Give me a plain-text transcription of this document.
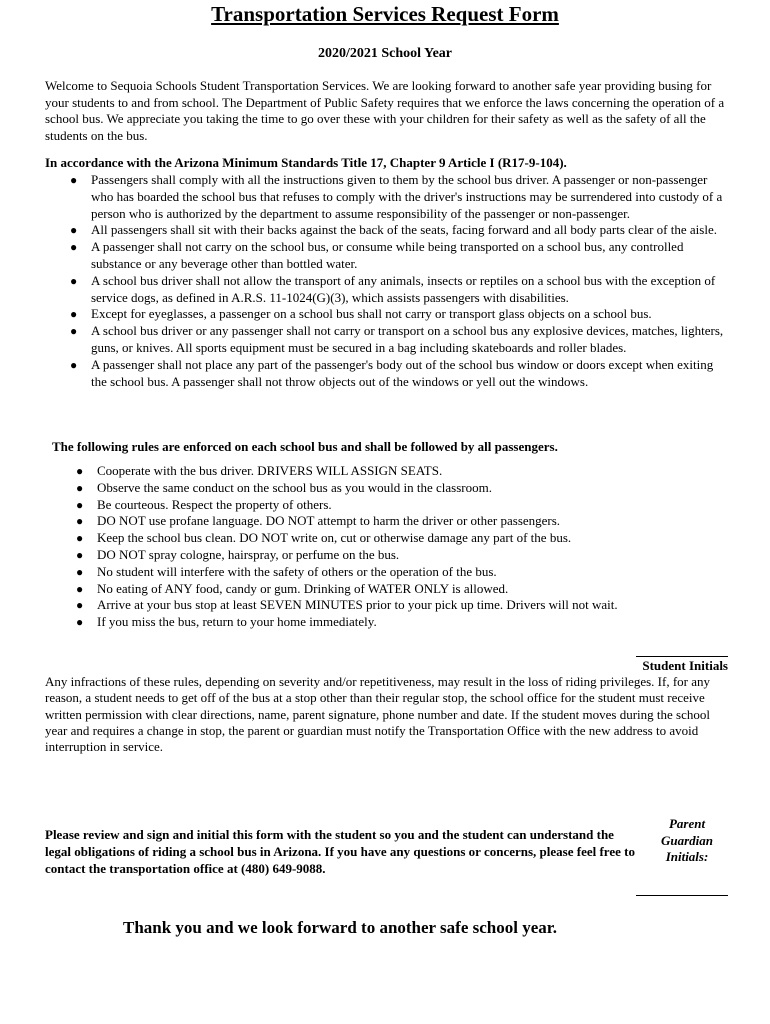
Transportation Services Request Form
2020/2021 School Year
Welcome to Sequoia Schools Student Transportation Services. We are looking forward to another safe year providing busing for your students to and from school. The Department of Public Safety requires that we enforce the laws concerning the operation of a school bus. We appreciate you taking the time to go over these with your children for their safety as well as the safety of all the students on the bus.
In accordance with the Arizona Minimum Standards Title 17, Chapter 9 Article I (R17-9-104).
● Passengers shall comply with all the instructions given to them by the school bus driver. A passenger or non-passenger who has boarded the school bus that refuses to comply with the driver's instructions may be surrendered into custody of a person who is authorized by the department to assume responsibility of the passenger or non-passenger.
● All passengers shall sit with their backs against the back of the seats, facing forward and all body parts clear of the aisle.
● A passenger shall not carry on the school bus, or consume while being transported on a school bus, any controlled substance or any beverage other than bottled water.
● A school bus driver shall not allow the transport of any animals, insects or reptiles on a school bus with the exception of service dogs, as defined in A.R.S. 11-1024(G)(3), which assists passengers with disabilities.
● Except for eyeglasses, a passenger on a school bus shall not carry or transport glass objects on a school bus.
● A school bus driver or any passenger shall not carry or transport on a school bus any explosive devices, matches, lighters, guns, or knives. All sports equipment must be secured in a bag including skateboards and roller blades.
● A passenger shall not place any part of the passenger's body out of the school bus window or doors except when exiting the school bus. A passenger shall not throw objects out of the windows or yell out the windows.
The following rules are enforced on each school bus and shall be followed by all passengers.
● Cooperate with the bus driver. DRIVERS WILL ASSIGN SEATS.
● Observe the same conduct on the school bus as you would in the classroom.
● Be courteous. Respect the property of others.
● DO NOT use profane language. DO NOT attempt to harm the driver or other passengers.
● Keep the school bus clean. DO NOT write on, cut or otherwise damage any part of the bus.
● DO NOT spray cologne, hairspray, or perfume on the bus.
● No student will interfere with the safety of others or the operation of the bus.
● No eating of ANY food, candy or gum. Drinking of WATER ONLY is allowed.
● Arrive at your bus stop at least SEVEN MINUTES prior to your pick up time. Drivers will not wait.
● If you miss the bus, return to your home immediately.
Student Initials
Any infractions of these rules, depending on severity and/or repetitiveness, may result in the loss of riding privileges. If, for any reason, a student needs to get off of the bus at a stop other than their regular stop, the school office for the student must receive written permission with clear directions, name, parent signature, phone number and date. If the student moves during the school year and requires a change in stop, the parent or guardian must notify the Transportation Office with the new address to avoid interruption in service.
Please review and sign and initial this form with the student so you and the student can understand the legal obligations of riding a school bus in Arizona. If you have any questions or concerns, please feel free to contact the transportation office at (480) 649-9088.
Parent
Guardian
Initials:
Thank you and we look forward to another safe school year.
